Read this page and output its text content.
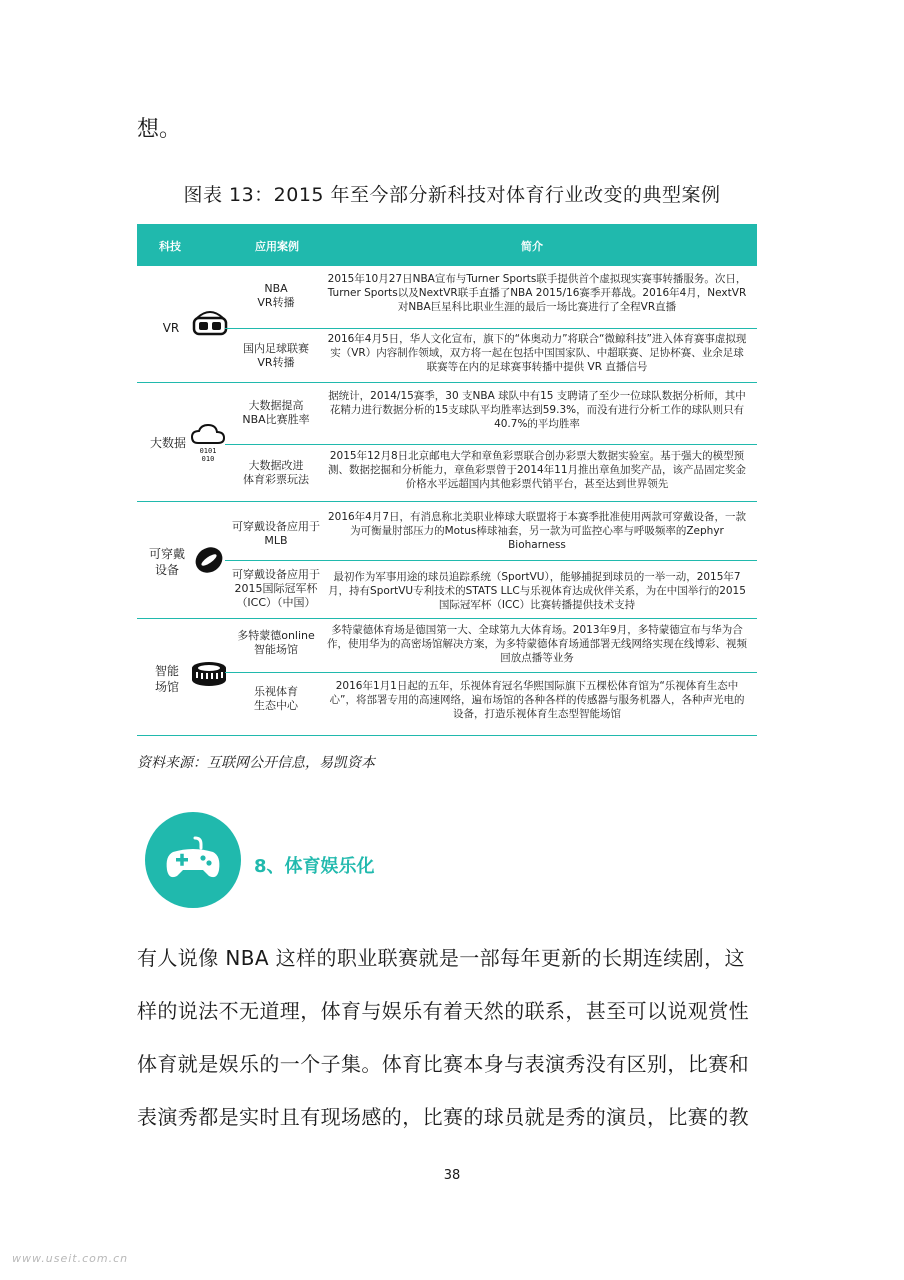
想。
图表 13：2015 年至今部分新科技对体育行业改变的典型案例
科技	应用案例	简介
VR
NBA
VR转播
2015年10月27日NBA宣布与Turner Sports联手提供首个虚拟现实赛事转播服务。次日，Turner Sports以及NextVR联手直播了NBA 2015/16赛季开幕战。2016年4月，NextVR对NBA巨星科比职业生涯的最后一场比赛进行了全程VR直播
国内足球联赛
VR转播
2016年4月5日，华人文化宣布，旗下的“体奥动力”将联合“微鲸科技”进入体育赛事虚拟现实（VR）内容制作领域，双方将一起在包括中国国家队、中超联赛、足协杯赛、业余足球联赛等在内的足球赛事转播中提供 VR 直播信号
大数据
0101
010
大数据提高
NBA比赛胜率
据统计，2014/15赛季，30 支NBA 球队中有15 支聘请了至少一位球队数据分析师，其中花精力进行数据分析的15支球队平均胜率达到59.3%，而没有进行分析工作的球队则只有40.7%的平均胜率
大数据改进
体育彩票玩法
2015年12月8日北京邮电大学和章鱼彩票联合创办彩票大数据实验室。基于强大的模型预测、数据挖掘和分析能力，章鱼彩票曾于2014年11月推出章鱼加奖产品，该产品固定奖金价格水平远超国内其他彩票代销平台，甚至达到世界领先
可穿戴
设备
可穿戴设备应用于
MLB
2016年4月7日，有消息称北美职业棒球大联盟将于本赛季批准使用两款可穿戴设备，一款为可衡量肘部压力的Motus棒球袖套，另一款为可监控心率与呼吸频率的Zephyr Bioharness
可穿戴设备应用于
2015国际冠军杯
（ICC）（中国）
最初作为军事用途的球员追踪系统（SportVU），能够捕捉到球员的一举一动，2015年7月，持有SportVU专利技术的STATS LLC与乐视体育达成伙伴关系，为在中国举行的2015国际冠军杯（ICC）比赛转播提供技术支持
智能
场馆
多特蒙德online
智能场馆
多特蒙德体育场是德国第一大、全球第九大体育场。2013年9月，多特蒙德宣布与华为合作，使用华为的高密场馆解决方案，为多特蒙德体育场通部署无线网络实现在线博彩、视频回放点播等业务
乐视体育
生态中心
2016年1月1日起的五年，乐视体育冠名华熙国际旗下五棵松体育馆为“乐视体育生态中心”，将部署专用的高速网络，遍布场馆的各种各样的传感器与服务机器人，各种声光电的设备，打造乐视体育生态型智能场馆
资料来源：互联网公开信息，易凯资本
8、体育娱乐化
有人说像 NBA 这样的职业联赛就是一部每年更新的长期连续剧，这
样的说法不无道理，体育与娱乐有着天然的联系，甚至可以说观赏性
体育就是娱乐的一个子集。体育比赛本身与表演秀没有区别，比赛和
表演秀都是实时且有现场感的，比赛的球员就是秀的演员，比赛的教
38
www.useit.com.cn
